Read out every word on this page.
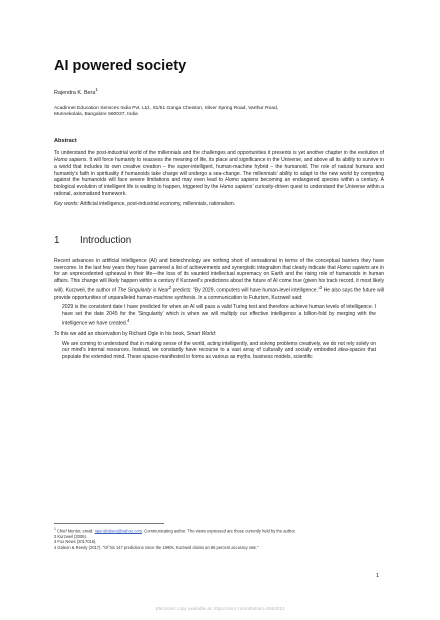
AI powered society
Rajendra K. Bera$^1$
Acadinnet Education Services India Pvt. Ltd., 81/51 Ganga Cheiston, Silver Spring Road, Varthur Road, Munnekolala, Bangalore 560037, India
Abstract
To understand the post-industrial world of the millennials and the challenges and opportunities it presents is yet another chapter in the evolution of Homo sapiens. It will force humanity to reassess the meaning of life, its place and significance in the Universe, and above all its ability to survive in a world that includes its own creative creation – the super-intelligent, human-machine hybrid – the humanoid. The role of natural humans and humanity's faith in spirituality if humanoids take charge will undergo a sea-change. The millennials' ability to adapt to the new world by competing against the humanoids will face severe limitations and may even lead to Homo sapiens becoming an endangered species within a century. A biological evolution of intelligent life is waiting to happen, triggered by the Homo sapiens' curiosity-driven quest to understand the Universe within a rational, axiomatized framework.
Key words: Artificial intelligence, post-industrial economy, millennials, rationalism.
1	Introduction
Recent advances in artificial intelligence (AI) and biotechnology are nothing short of sensational in terms of the conceptual barriers they have overcome. In the last few years they have garnered a list of achievements and synergistic integration that clearly indicate that Homo sapiens are in for an unprecedented upheaval in their life—the loss of its vaunted intellectual supremacy on Earth and the rising role of humanoids in human affairs. This change will likely happen within a century if Kurzweil's predictions about the future of AI come true (given his track record, it most likely will). Kurzweil, the author of The Singularity is Near$^2$ predicts: "By 2029, computers will have human-level intelligence."$^3$ He also says the future will provide opportunities of unparalleled human-machine synthesis. In a communication to Futurism, Kurzweil said:
2029 is the consistent date I have predicted for when an AI will pass a valid Turing test and therefore achieve human levels of intelligence. I have set the date 2045 for the 'Singularity' which is when we will multiply our effective intelligence a billion-fold by merging with the intelligence we have created.$^4$
To this we add an observation by Richard Ogle in his book, Smart World:
We are coming to understand that in making sense of the world, acting intelligently, and solving problems creatively, we do not rely solely on our mind's internal resources. Instead, we constantly have recourse to a vast array of culturally and socially embodied idea-spaces that populate the extended mind. These spaces-manifested in forms as various as myths, business models, scientific
$^1$ Chief Mentor, email: rajendrabera@yahoo.com. Communicating author. The views expressed are those currently held by the author.
2 Kurzweil (2005).
3 Fox News (2017016).
4 Galeon & Reedy (2017). "Of his 147 predictions since the 1990s, Kurzweil claims an 86 percent accuracy rate."
1
Electronic copy available at: https://ssrn.com/abstract=3062013
